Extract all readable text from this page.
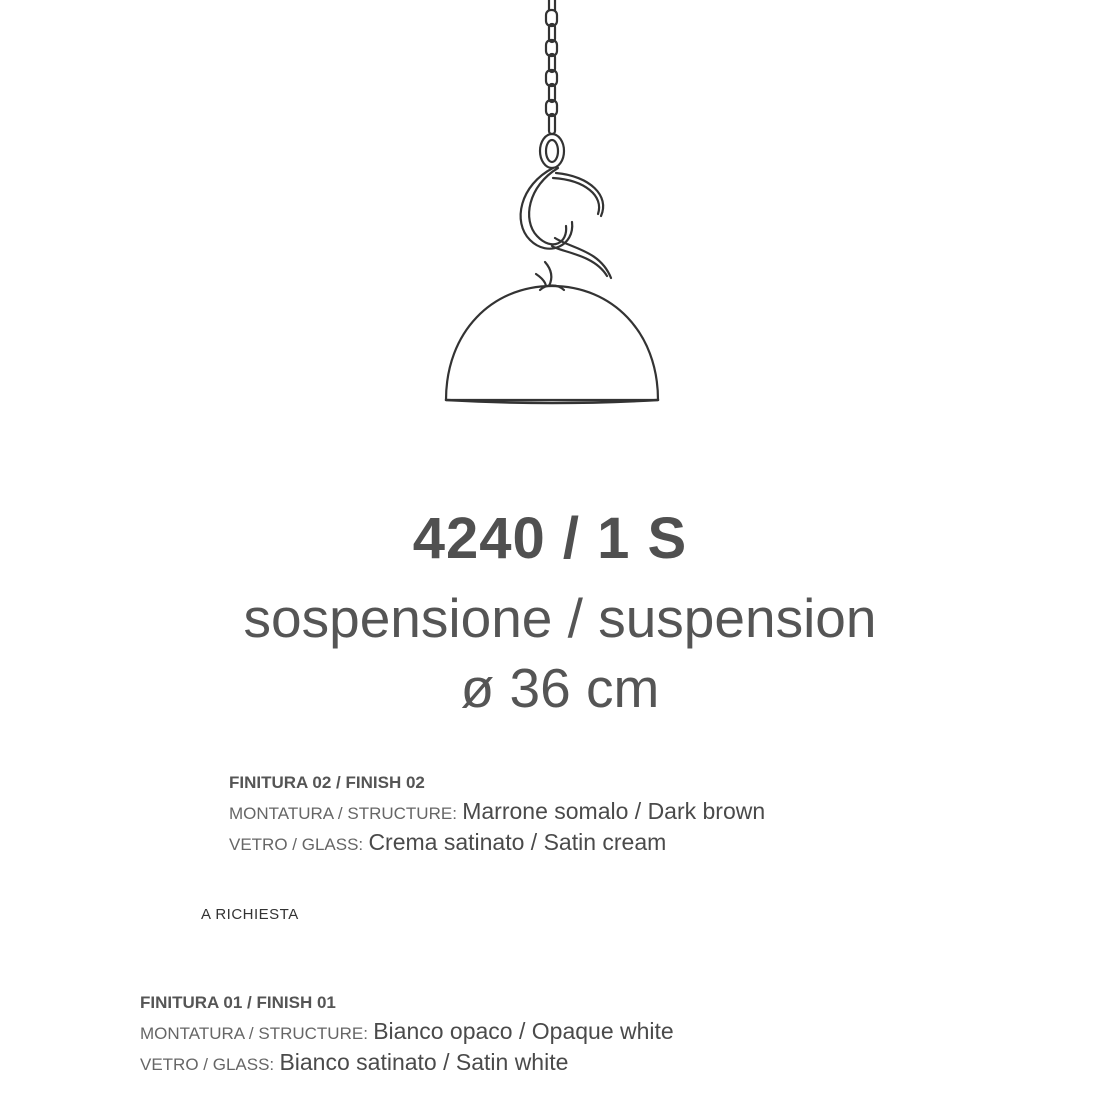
4240 / 1 S
sospensione / suspension
ø 36 cm
FINITURA 02 / FINISH 02
MONTATURA / STRUCTURE: Marrone somalo / Dark brown
VETRO / GLASS: Crema satinato / Satin cream
A RICHIESTA
FINITURA 01 / FINISH 01
MONTATURA / STRUCTURE: Bianco opaco / Opaque white
VETRO / GLASS: Bianco satinato / Satin white
